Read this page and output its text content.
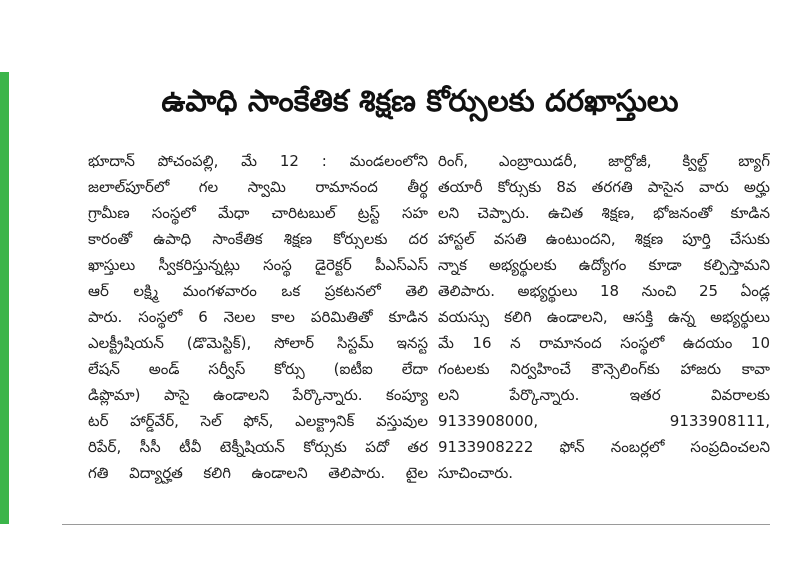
ఉపాధి సాంకేతిక శిక్షణ కోర్సులకు దరఖాస్తులు
భూదాన్ పోచంపల్లి, మే 12 : మండలంలోని
జలాల్‌పూర్‌లో గల స్వామి రామానంద తీర్థ
గ్రామీణ సంస్థలో మేధా చారిటబుల్ ట్రస్ట్ సహ
కారంతో ఉపాధి సాంకేతిక శిక్షణ కోర్సులకు దర
ఖాస్తులు స్వీకరిస్తున్నట్లు సంస్థ డైరెక్టర్ పీఎస్ఎస్
ఆర్ లక్ష్మి మంగళవారం ఒక ప్రకటనలో తెలి
పారు. సంస్థలో 6 నెలల కాల పరిమితితో కూడిన
ఎలక్ట్రీషియన్ (డొమెస్టిక్), సోలార్ సిస్టమ్ ఇనస్ట
లేషన్ అండ్ సర్వీస్ కోర్సు (ఐటీఐ లేదా
డిప్లొమా) పాసై ఉండాలని పేర్కొన్నారు. కంప్యూ
టర్ హార్డ్‌వేర్, సెల్ ఫోన్, ఎలక్ట్రానిక్ వస్తువుల
రిపేర్, సీసీ టీవీ టెక్నీషియన్ కోర్సుకు పదో తర
గతి విద్యార్హత కలిగి ఉండాలని తెలిపారు. టైల
రింగ్, ఎంబ్రాయిడరీ, జార్దోజీ, క్విల్ట్ బ్యాగ్
తయారీ కోర్సుకు 8వ తరగతి పాసైన వారు అర్హు
లని చెప్పారు. ఉచిత శిక్షణ, భోజనంతో కూడిన
హాస్టల్ వసతి ఉంటుందని, శిక్షణ పూర్తి చేసుకు
న్నాక అభ్యర్థులకు ఉద్యోగం కూడా కల్పిస్తామని
తెలిపారు. అభ్యర్థులు 18 నుంచి 25 ఏండ్ల
వయస్సు కలిగి ఉండాలని, ఆసక్తి ఉన్న అభ్యర్థులు
మే 16 న రామానంద సంస్థలో ఉదయం 10
గంటలకు నిర్వహించే కౌన్సెలింగ్‌కు హాజరు కావా
లని పేర్కొన్నారు. ఇతర వివరాలకు
9133908000, 9133908111,
9133908222 ఫోన్ నంబర్లలో సంప్రదించలని
సూచించారు.
